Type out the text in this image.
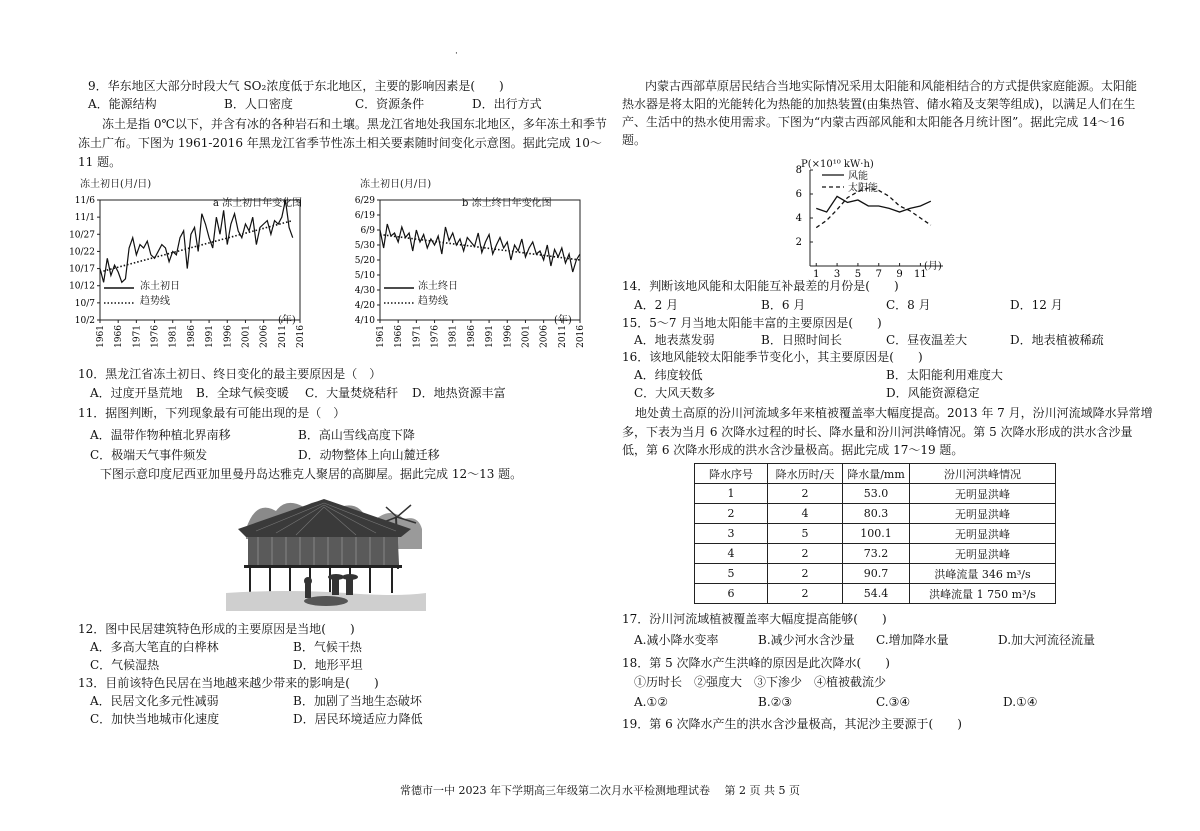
·
9．华东地区大部分时段大气 SO₂浓度低于东北地区，主要的影响因素是(　　)
A．能源结构	B．人口密度	C．资源条件	D．出行方式
冻土是指 0℃以下，并含有冰的各种岩石和土壤。黑龙江省地处我国东北地区，多年冻土和季节
冻土广布。下图为 1961-2016 年黑龙江省季节性冻土相关要素随时间变化示意图。据此完成 10～
11 题。
冻土初日(月/日)
10/2
10/7
10/12
10/17
10/22
10/27
11/1
11/6
1961 1966 1971 1976 1981 1986 1991 1996 2001 2006 2011 2016
a 冻土初日年变化图
(年)
冻土初日
趋势线
冻土初日(月/日)
4/10
4/20
4/30
5/10
5/20
5/30
6/9
6/19
6/29
1961 1966 1971 1976 1981 1986 1991 1996 2001 2006 2011 2016
b 冻土终日年变化图
(年)
冻土终日
趋势线
10．黑龙江省冻土初日、终日变化的最主要原因是（　）
A．过度开垦荒地 B．全球气候变暖 C．大量焚烧秸秆 D．地热资源丰富
11．据图判断，下列现象最有可能出现的是（　）
A．温带作物种植北界南移	B．高山雪线高度下降
C．极端天气事件频发	D．动物整体上向山麓迁移
下图示意印度尼西亚加里曼丹岛达雅克人聚居的高脚屋。据此完成 12～13 题。
12．图中民居建筑特色形成的主要原因是当地(　　)
A．多高大笔直的白桦林	B．气候干热
C．气候湿热	D．地形平坦
13．目前该特色民居在当地越来越少带来的影响是(　　)
A．民居文化多元性减弱	B．加剧了当地生态破坏
C．加快当地城市化速度	D．居民环境适应力降低
内蒙古西部草原居民结合当地实际情况采用太阳能和风能相结合的方式提供家庭能源。太阳能
热水器是将太阳的光能转化为热能的加热装置(由集热管、储水箱及支架等组成)，以满足人们在生
产、生活中的热水使用需求。下图为“内蒙古西部风能和太阳能各月统计图”。据此完成 14～16
题。
P(×10¹⁰ kW·h)
8
6
4
2
1 3 5 7 9 11
(月)
风能
太阳能
14．判断该地风能和太阳能互补最差的月份是(　　)
A．2 月	B．6 月	C．8 月	D．12 月
15．5～7 月当地太阳能丰富的主要原因是(　　)
A．地表蒸发弱	B．日照时间长	C．昼夜温差大	D．地表植被稀疏
16．该地风能较太阳能季节变化小，其主要原因是(　　)
A．纬度较低	B．太阳能利用难度大
C．大风天数多	D．风能资源稳定
地处黄土高原的汾川河流域多年来植被覆盖率大幅度提高。2013 年 7 月，汾川河流域降水异常增
多，下表为当月 6 次降水过程的时长、降水量和汾川河洪峰情况。第 5 次降水形成的洪水含沙量
低，第 6 次降水形成的洪水含沙量极高。据此完成 17～19 题。
降水序号	降水历时/天	降水量/mm	汾川河洪峰情况
1	2	53.0	无明显洪峰
2	4	80.3	无明显洪峰
3	5	100.1	无明显洪峰
4	2	73.2	无明显洪峰
5	2	90.7	洪峰流量 346 m³/s
6	2	54.4	洪峰流量 1 750 m³/s
17．汾川河流域植被覆盖率大幅度提高能够(　　)
A.减小降水变率	B.减少河水含沙量 C.增加降水量	D.加大河流径流量
18．第 5 次降水产生洪峰的原因是此次降水(　　)
①历时长　②强度大　③下渗少　④植被截流少
A.①②	B.②③	C.③④	D.①④
19．第 6 次降水产生的洪水含沙量极高，其泥沙主要源于(　　)
常德市一中 2023 年下学期高三年级第二次月水平检测地理试卷　 第 2 页 共 5 页
